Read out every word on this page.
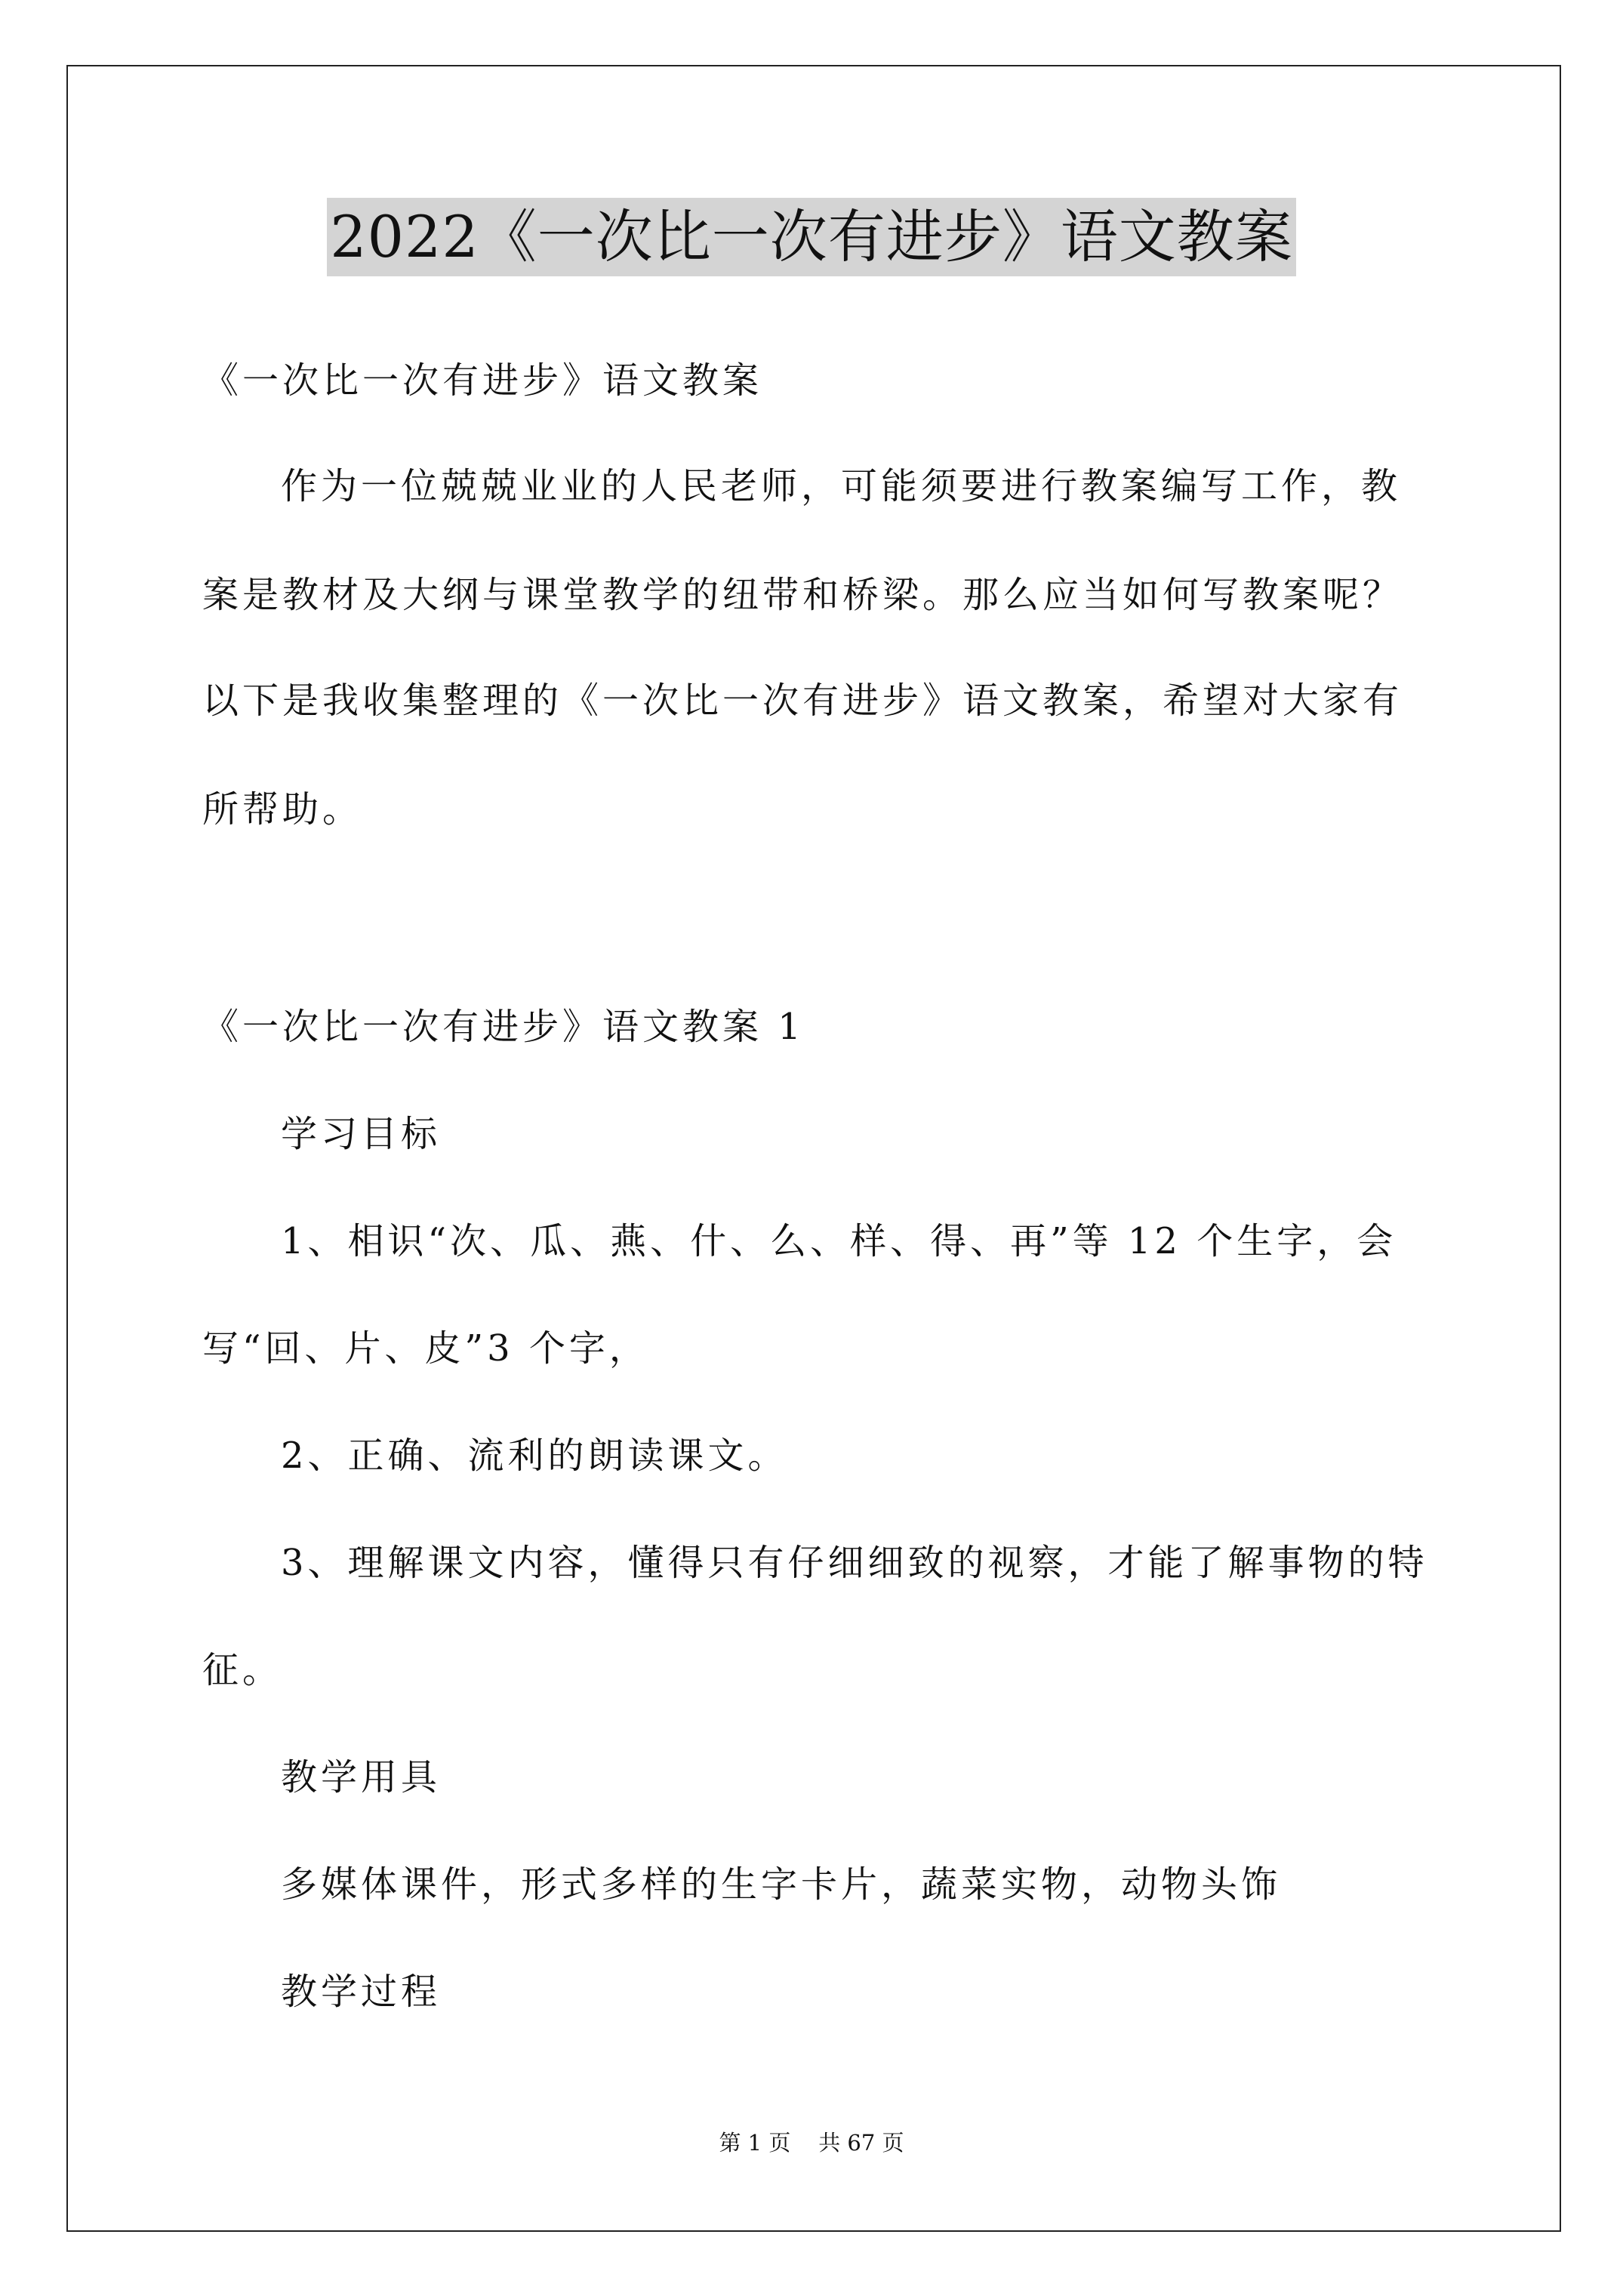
2022《一次比一次有进步》语文教案
《一次比一次有进步》语文教案
作为一位兢兢业业的人民老师，可能须要进行教案编写工作，教
案是教材及大纲与课堂教学的纽带和桥梁。那么应当如何写教案呢？
以下是我收集整理的《一次比一次有进步》语文教案，希望对大家有
所帮助。
《一次比一次有进步》语文教案 1
学习目标
1、相识“次、瓜、燕、什、么、样、得、再”等 12 个生字，会
写“回、片、皮”3 个字，
2、正确、流利的朗读课文。
3、理解课文内容，懂得只有仔细细致的视察，才能了解事物的特
征。
教学用具
多媒体课件，形式多样的生字卡片，蔬菜实物，动物头饰
教学过程
第 1 页    共 67 页
